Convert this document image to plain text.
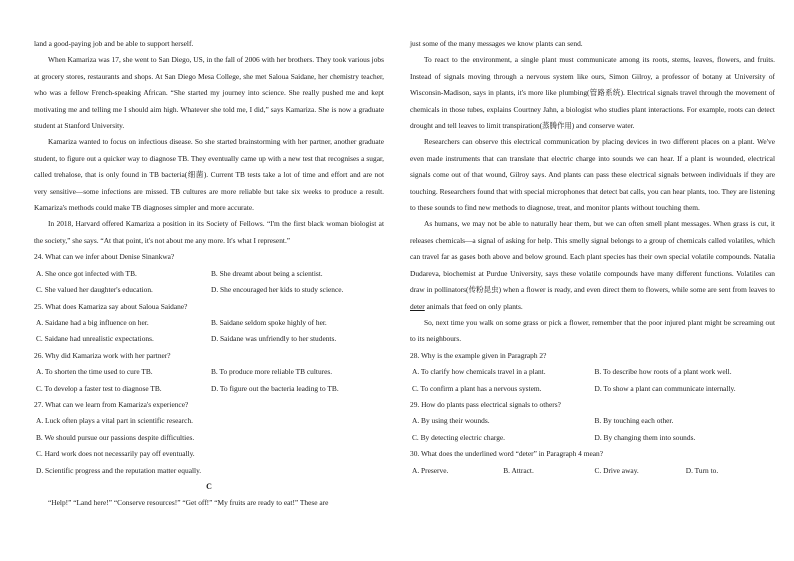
land a good-paying job and be able to support herself.

When Kamariza was 17, she went to San Diego, US, in the fall of 2006 with her brothers. They took various jobs at grocery stores, restaurants and shops. At San Diego Mesa College, she met Saloua Saidane, her chemistry teacher, who was a fellow French-speaking African. “She started my journey into science. She really pushed me and kept motivating me and telling me I should aim high. Whatever she told me, I did,” says Kamariza. She is now a graduate student at Stanford University.

Kamariza wanted to focus on infectious disease. So she started brainstorming with her partner, another graduate student, to figure out a quicker way to diagnose TB. They eventually came up with a new test that recognises a sugar, called trehalose, that is only found in TB bacteria(细菌). Current TB tests take a lot of time and effort and are not very sensitive—some infections are missed. TB cultures are more reliable but take six weeks to produce a result. Kamariza's methods could make TB diagnoses simpler and more accurate.

In 2018, Harvard offered Kamariza a position in its Society of Fellows. “I'm the first black woman biologist at the society,” she says. “At that point, it's not about me any more. It's what I represent.”

24. What can we infer about Denise Sinankwa?
A. She once got infected with TB.	B. She dreamt about being a scientist.
C. She valued her daughter's education.	D. She encouraged her kids to study science.
25. What does Kamariza say about Saloua Saidane?
A. Saidane had a big influence on her.	B. Saidane seldom spoke highly of her.
C. Saidane had unrealistic expectations.	D. Saidane was unfriendly to her students.
26. Why did Kamariza work with her partner?
A. To shorten the time used to cure TB.	B. To produce more reliable TB cultures.
C. To develop a faster test to diagnose TB.	D. To figure out the bacteria leading to TB.
27. What can we learn from Kamariza's experience?
A. Luck often plays a vital part in scientific research.
B. We should pursue our passions despite difficulties.
C. Hard work does not necessarily pay off eventually.
D. Scientific progress and the reputation matter equally.
C

“Help!” “Land here!” “Conserve resources!” “Get off!” “My fruits are ready to eat!” These are

just some of the many messages we know plants can send.

To react to the environment, a single plant must communicate among its roots, stems, leaves, flowers, and fruits. Instead of signals moving through a nervous system like ours, Simon Gilroy, a professor of botany at University of Wisconsin-Madison, says in plants, it's more like plumbing(管路系统). Electrical signals travel through the movement of chemicals in those tubes, explains Courtney Jahn, a biologist who studies plant interactions. For example, roots can detect drought and tell leaves to limit transpiration(蒸腾作用) and conserve water.

Researchers can observe this electrical communication by placing devices in two different places on a plant. We've even made instruments that can translate that electric charge into sounds we can hear. If a plant is wounded, electrical signals come out of that wound, Gilroy says. And plants can pass these electrical signals between individuals if they are touching. Researchers found that with special microphones that detect bat calls, you can hear plants, too. They are listening to these sounds to find new methods to diagnose, treat, and monitor plants without touching them.

As humans, we may not be able to naturally hear them, but we can often smell plant messages. When grass is cut, it releases chemicals—a signal of asking for help. This smelly signal belongs to a group of chemicals called volatiles, which can travel far as gases both above and below ground. Each plant species has their own special volatile compounds. Natalia Dudareva, biochemist at Purdue University, says these volatile compounds have many different functions. Volatiles can draw in pollinators(传粉昆虫) when a flower is ready, and even direct them to flowers, while some are sent from leaves to deter animals that feed on only plants.

So, next time you walk on some grass or pick a flower, remember that the poor injured plant might be screaming out to its neighbours.

28. Why is the example given in Paragraph 2?
A. To clarify how chemicals travel in a plant.	B. To describe how roots of a plant work well.
C. To confirm a plant has a nervous system.	D. To show a plant can communicate internally.
29. How do plants pass electrical signals to others?
A. By using their wounds.	B. By touching each other.
C. By detecting electric charge.	D. By changing them into sounds.
30. What does the underlined word “deter” in Paragraph 4 mean?
A. Preserve.	B. Attract.	C. Drive away.	D. Turn to.
